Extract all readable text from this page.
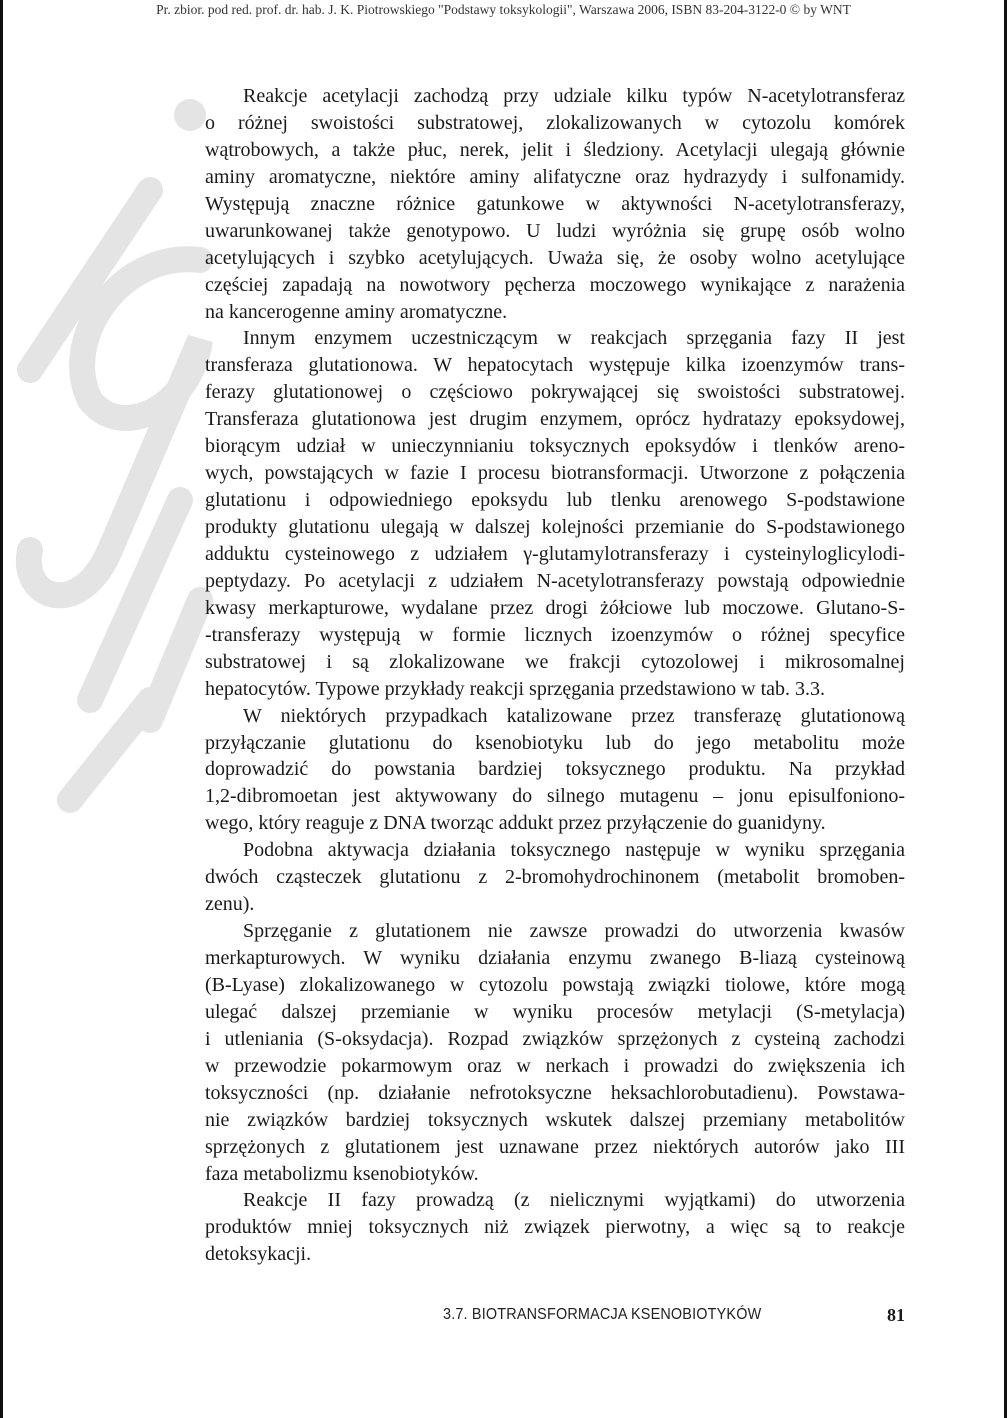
Pr. zbior. pod red. prof. dr. hab. J. K. Piotrowskiego "Podstawy toksykologii", Warszawa 2006, ISBN 83-204-3122-0 © by WNT
Reakcje acetylacji zachodzą przy udziale kilku typów N-acetylotransferaz
o różnej swoistości substratowej, zlokalizowanych w cytozolu komórek
wątrobowych, a także płuc, nerek, jelit i śledziony. Acetylacji ulegają głównie
aminy aromatyczne, niektóre aminy alifatyczne oraz hydrazydy i sulfonamidy.
Występują znaczne różnice gatunkowe w aktywności N-acetylotransferazy,
uwarunkowanej także genotypowo. U ludzi wyróżnia się grupę osób wolno
acetylujących i szybko acetylujących. Uważa się, że osoby wolno acetylujące
częściej zapadają na nowotwory pęcherza moczowego wynikające z narażenia
na kancerogenne aminy aromatyczne.
Innym enzymem uczestniczącym w reakcjach sprzęgania fazy II jest
transferaza glutationowa. W hepatocytach występuje kilka izoenzymów trans-
ferazy glutationowej o częściowo pokrywającej się swoistości substratowej.
Transferaza glutationowa jest drugim enzymem, oprócz hydratazy epoksydowej,
biorącym udział w unieczynnianiu toksycznych epoksydów i tlenków areno-
wych, powstających w fazie I procesu biotransformacji. Utworzone z połączenia
glutationu i odpowiedniego epoksydu lub tlenku arenowego S-podstawione
produkty glutationu ulegają w dalszej kolejności przemianie do S-podstawionego
adduktu cysteinowego z udziałem γ-glutamylotransferazy i cysteinyloglicylodi-
peptydazy. Po acetylacji z udziałem N-acetylotransferazy powstają odpowiednie
kwasy merkapturowe, wydalane przez drogi żółciowe lub moczowe. Glutano-S-
-transferazy występują w formie licznych izoenzymów o różnej specyfice
substratowej i są zlokalizowane we frakcji cytozolowej i mikrosomalnej
hepatocytów. Typowe przykłady reakcji sprzęgania przedstawiono w tab. 3.3.
W niektórych przypadkach katalizowane przez transferazę glutationową
przyłączanie glutationu do ksenobiotyku lub do jego metabolitu może
doprowadzić do powstania bardziej toksycznego produktu. Na przykład
1,2-dibromoetan jest aktywowany do silnego mutagenu – jonu episulfoniono-
wego, który reaguje z DNA tworząc addukt przez przyłączenie do guanidyny.
Podobna aktywacja działania toksycznego następuje w wyniku sprzęgania
dwóch cząsteczek glutationu z 2-bromohydrochinonem (metabolit bromoben-
zenu).
Sprzęganie z glutationem nie zawsze prowadzi do utworzenia kwasów
merkapturowych. W wyniku działania enzymu zwanego B-liazą cysteinową
(B-Lyase) zlokalizowanego w cytozolu powstają związki tiolowe, które mogą
ulegać dalszej przemianie w wyniku procesów metylacji (S-metylacja)
i utleniania (S-oksydacja). Rozpad związków sprzężonych z cysteiną zachodzi
w przewodzie pokarmowym oraz w nerkach i prowadzi do zwiększenia ich
toksyczności (np. działanie nefrotoksyczne heksachlorobutadienu). Powstawa-
nie związków bardziej toksycznych wskutek dalszej przemiany metabolitów
sprzężonych z glutationem jest uznawane przez niektórych autorów jako III
faza metabolizmu ksenobiotyków.
Reakcje II fazy prowadzą (z nielicznymi wyjątkami) do utworzenia
produktów mniej toksycznych niż związek pierwotny, a więc są to reakcje
detoksykacji.
3.7. BIOTRANSFORMACJA KSENOBIOTYKÓW	81
